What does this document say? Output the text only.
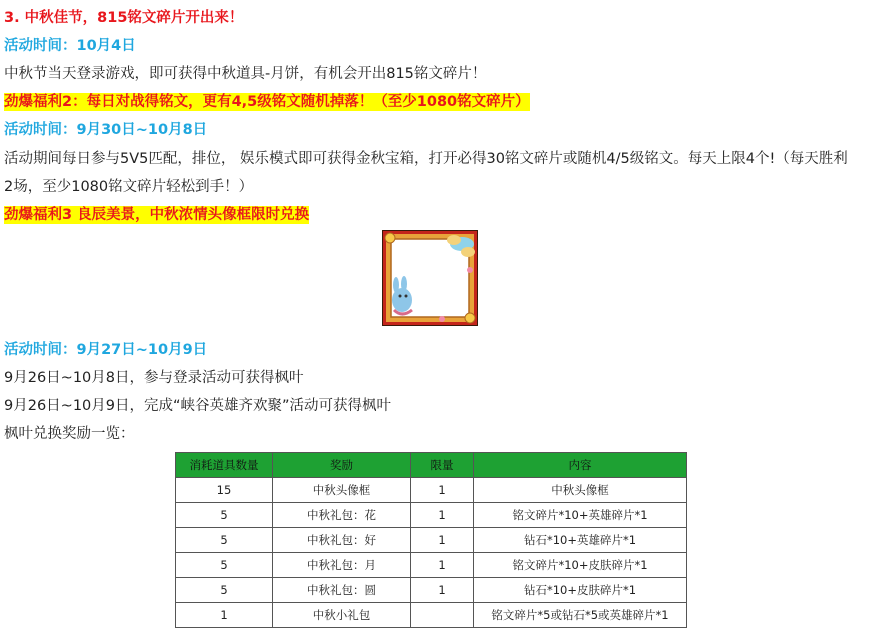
3. 中秋佳节，815铭文碎片开出来！
活动时间：10月4日
中秋节当天登录游戏，即可获得中秋道具-月饼，有机会开出815铭文碎片！
劲爆福利2：每日对战得铭文，更有4,5级铭文随机掉落！（至少1080铭文碎片）
活动时间：9月30日~10月8日
活动期间每日参与5V5匹配，排位， 娱乐模式即可获得金秋宝箱，打开必得30铭文碎片或随机4/5级铭文。每天上限4个!（每天胜利2场，至少1080铭文碎片轻松到手！）
劲爆福利3 良辰美景，中秋浓情头像框限时兑换
活动时间：9月27日~10月9日
9月26日~10月8日，参与登录活动可获得枫叶
9月26日~10月9日，完成“峡谷英雄齐欢聚”活动可获得枫叶
枫叶兑换奖励一览：
消耗道具数量	奖励	限量	内容
15	中秋头像框	1	中秋头像框
5	中秋礼包：花	1	铭文碎片*10+英雄碎片*1
5	中秋礼包：好	1	钻石*10+英雄碎片*1
5	中秋礼包：月	1	铭文碎片*10+皮肤碎片*1
5	中秋礼包：圆	1	钻石*10+皮肤碎片*1
1	中秋小礼包		铭文碎片*5或钻石*5或英雄碎片*1
